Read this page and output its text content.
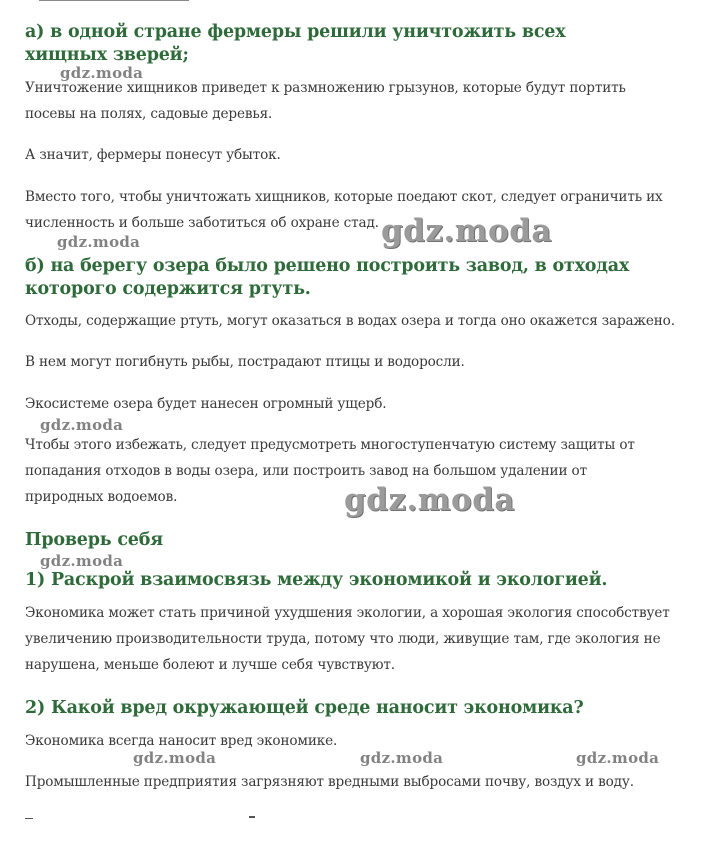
а) в одной стране фермеры решили уничтожить всех хищных зверей;

Уничтожение хищников приведет к размножению грызунов, которые будут портить посевы на полях, садовые деревья.

А значит, фермеры понесут убыток.

Вместо того, чтобы уничтожать хищников, которые поедают скот, следует ограничить их численность и больше заботиться об охране стад.

б) на берегу озера было решено построить завод, в отходах которого содержится ртуть.

Отходы, содержащие ртуть, могут оказаться в водах озера и тогда оно окажется заражено.

В нем могут погибнуть рыбы, пострадают птицы и водоросли.

Экосистеме озера будет нанесен огромный ущерб.

Чтобы этого избежать, следует предусмотреть многоступенчатую систему защиты от попадания отходов в воды озера, или построить завод на большом удалении от природных водоемов.

Проверь себя
1) Раскрой взаимосвязь между экономикой и экологией.

Экономика может стать причиной ухудшения экологии, а хорошая экология способствует увеличению производительности труда, потому что люди, живущие там, где экология не нарушена, меньше болеют и лучше себя чувствуют.

2) Какой вред окружающей среде наносит экономика?

Экономика всегда наносит вред экономике.

Промышленные предприятия загрязняют вредными выбросами почву, воздух и воду.

gdz.moda
gdz.moda
gdz.moda
gdz.moda
gdz.moda
gdz.moda
gdz.moda	gdz.moda	gdz.moda
